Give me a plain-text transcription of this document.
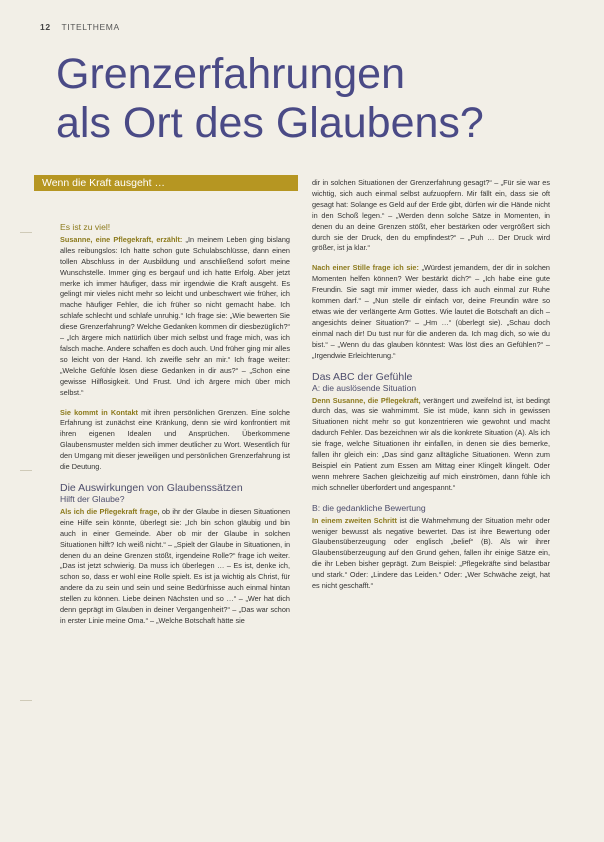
12 TITELTHEMA
Grenzerfahrungen
als Ort des Glaubens?
Wenn die Kraft ausgeht …
Es ist zu viel!

Susanne, eine Pflegekraft, erzählt: „In meinem Leben ging bislang alles reibungslos: Ich hatte schon gute Schulabschlüsse, dann einen tollen Abschluss in der Ausbildung und anschließend sofort meine Wunschstelle. Immer ging es bergauf und ich hatte Erfolg. Aber jetzt merke ich immer häufiger, dass mir irgendwie die Kraft ausgeht. Es gelingt mir vieles nicht mehr so leicht und unbeschwert wie früher, ich mache häufiger Fehler, die ich früher so nicht gemacht habe. Ich schlafe schlecht und schlafe unruhig.“ Ich frage sie: „Wie bewerten Sie diese Grenzerfahrung? Welche Gedanken kommen dir diesbezüglich?“ – „Ich ärgere mich natürlich über mich selbst und frage mich, was ich falsch mache. Andere schaffen es doch auch. Und früher ging mir alles so leicht von der Hand. Ich zweifle sehr an mir.“ Ich frage weiter: „Welche Gefühle lösen diese Gedanken in dir aus?“ – „Schon eine gewisse Hilflosigkeit. Und Frust. Und ich ärgere mich über mich selbst.“

Sie kommt in Kontakt mit ihren persönlichen Grenzen. Eine solche Erfahrung ist zunächst eine Kränkung, denn sie wird konfrontiert mit ihren eigenen Idealen und Ansprüchen. Überkommene Glaubensmuster melden sich immer deutlicher zu Wort. Wesentlich für den Umgang mit dieser jeweiligen und persönlichen Grenzerfahrung ist die Deutung.

Die Auswirkungen von Glaubenssätzen
Hilft der Glaube?

Als ich die Pflegekraft frage, ob ihr der Glaube in diesen Situationen eine Hilfe sein könnte, überlegt sie: „Ich bin schon gläubig und bin auch in einer Gemeinde. Aber ob mir der Glaube in solchen Situationen hilft? Ich weiß nicht.“ – „Spielt der Glaube in Situationen, in denen du an deine Grenzen stößt, irgendeine Rolle?“ frage ich weiter. „Das ist jetzt schwierig. Da muss ich überlegen … – Es ist, denke ich, schon so, dass er wohl eine Rolle spielt. Es ist ja wichtig als Christ, für andere da zu sein und sein und seine Bedürfnisse auch einmal hintan stellen zu können. Liebe deinen Nächsten und so …“ – „Wer hat dich denn geprägt im Glauben in deiner Vergangenheit?“ – „Das war schon in erster Linie meine Oma.“ – „Welche Botschaft hätte sie

dir in solchen Situationen der Grenzerfahrung gesagt?“ – „Für sie war es wichtig, sich auch einmal selbst aufzuopfern. Mir fällt ein, dass sie oft gesagt hat: Solange es Geld auf der Erde gibt, dürfen wir die Hände nicht in den Schoß legen.“ – „Werden denn solche Sätze in Momenten, in denen du an deine Grenzen stößt, eher bestärken oder vergrößert sich durch sie der Druck, den du empfindest?“ – „Puh … Der Druck wird größer, ist ja klar.“

Nach einer Stille frage ich sie: „Würdest jemandem, der dir in solchen Momenten helfen können? Wer bestärkt dich?“ – „Ich habe eine gute Freundin. Sie sagt mir immer wieder, dass ich auch einmal zur Ruhe kommen darf.“ – „Nun stelle dir einfach vor, deine Freundin wäre so etwas wie der verlängerte Arm Gottes. Wie lautet die Botschaft an dich – angesichts deiner Situation?“ – „Hm …“ (überlegt sie). „Schau doch einmal nach dir! Du tust nur für die anderen da. Ich mag dich, so wie du bist.“ – „Wenn du das glauben könntest: Was löst dies an Gefühlen?“ – „Irgendwie Erleichterung.“

Das ABC der Gefühle
A: die auslösende Situation

Denn Susanne, die Pflegekraft, verängert und zweifelnd ist, ist bedingt durch das, was sie wahrnimmt. Sie ist müde, kann sich in gewissen Situationen nicht mehr so gut konzentrieren wie gewohnt und macht dadurch Fehler. Das bezeichnen wir als die konkrete Situation (A). Als ich sie frage, welche Situationen ihr einfallen, in denen sie dies bemerke, fallen ihr gleich ein: „Das sind ganz alltägliche Situationen. Wenn zum Beispiel ein Patient zum Essen am Mittag einer Klingelt klingelt. Oder wenn mehrere Sachen gleichzeitig auf mich einströmen, dann fühle ich mich schneller überfordert und angespannt.“

B: die gedankliche Bewertung

In einem zweiten Schritt ist die Wahrnehmung der Situation mehr oder weniger bewusst als negative bewertet. Das ist ihre Bewertung oder Glaubensüberzeugung oder englisch „belief“ (B). Als wir ihrer Glaubensüberzeugung auf den Grund gehen, fallen ihr einige Sätze ein, die ihr Leben bisher geprägt. Zum Beispiel: „Pflegekräfte sind belastbar und stark.“ Oder: „Lindere das Leiden.“ Oder: „Wer Schwäche zeigt, hat es nicht geschafft.“
